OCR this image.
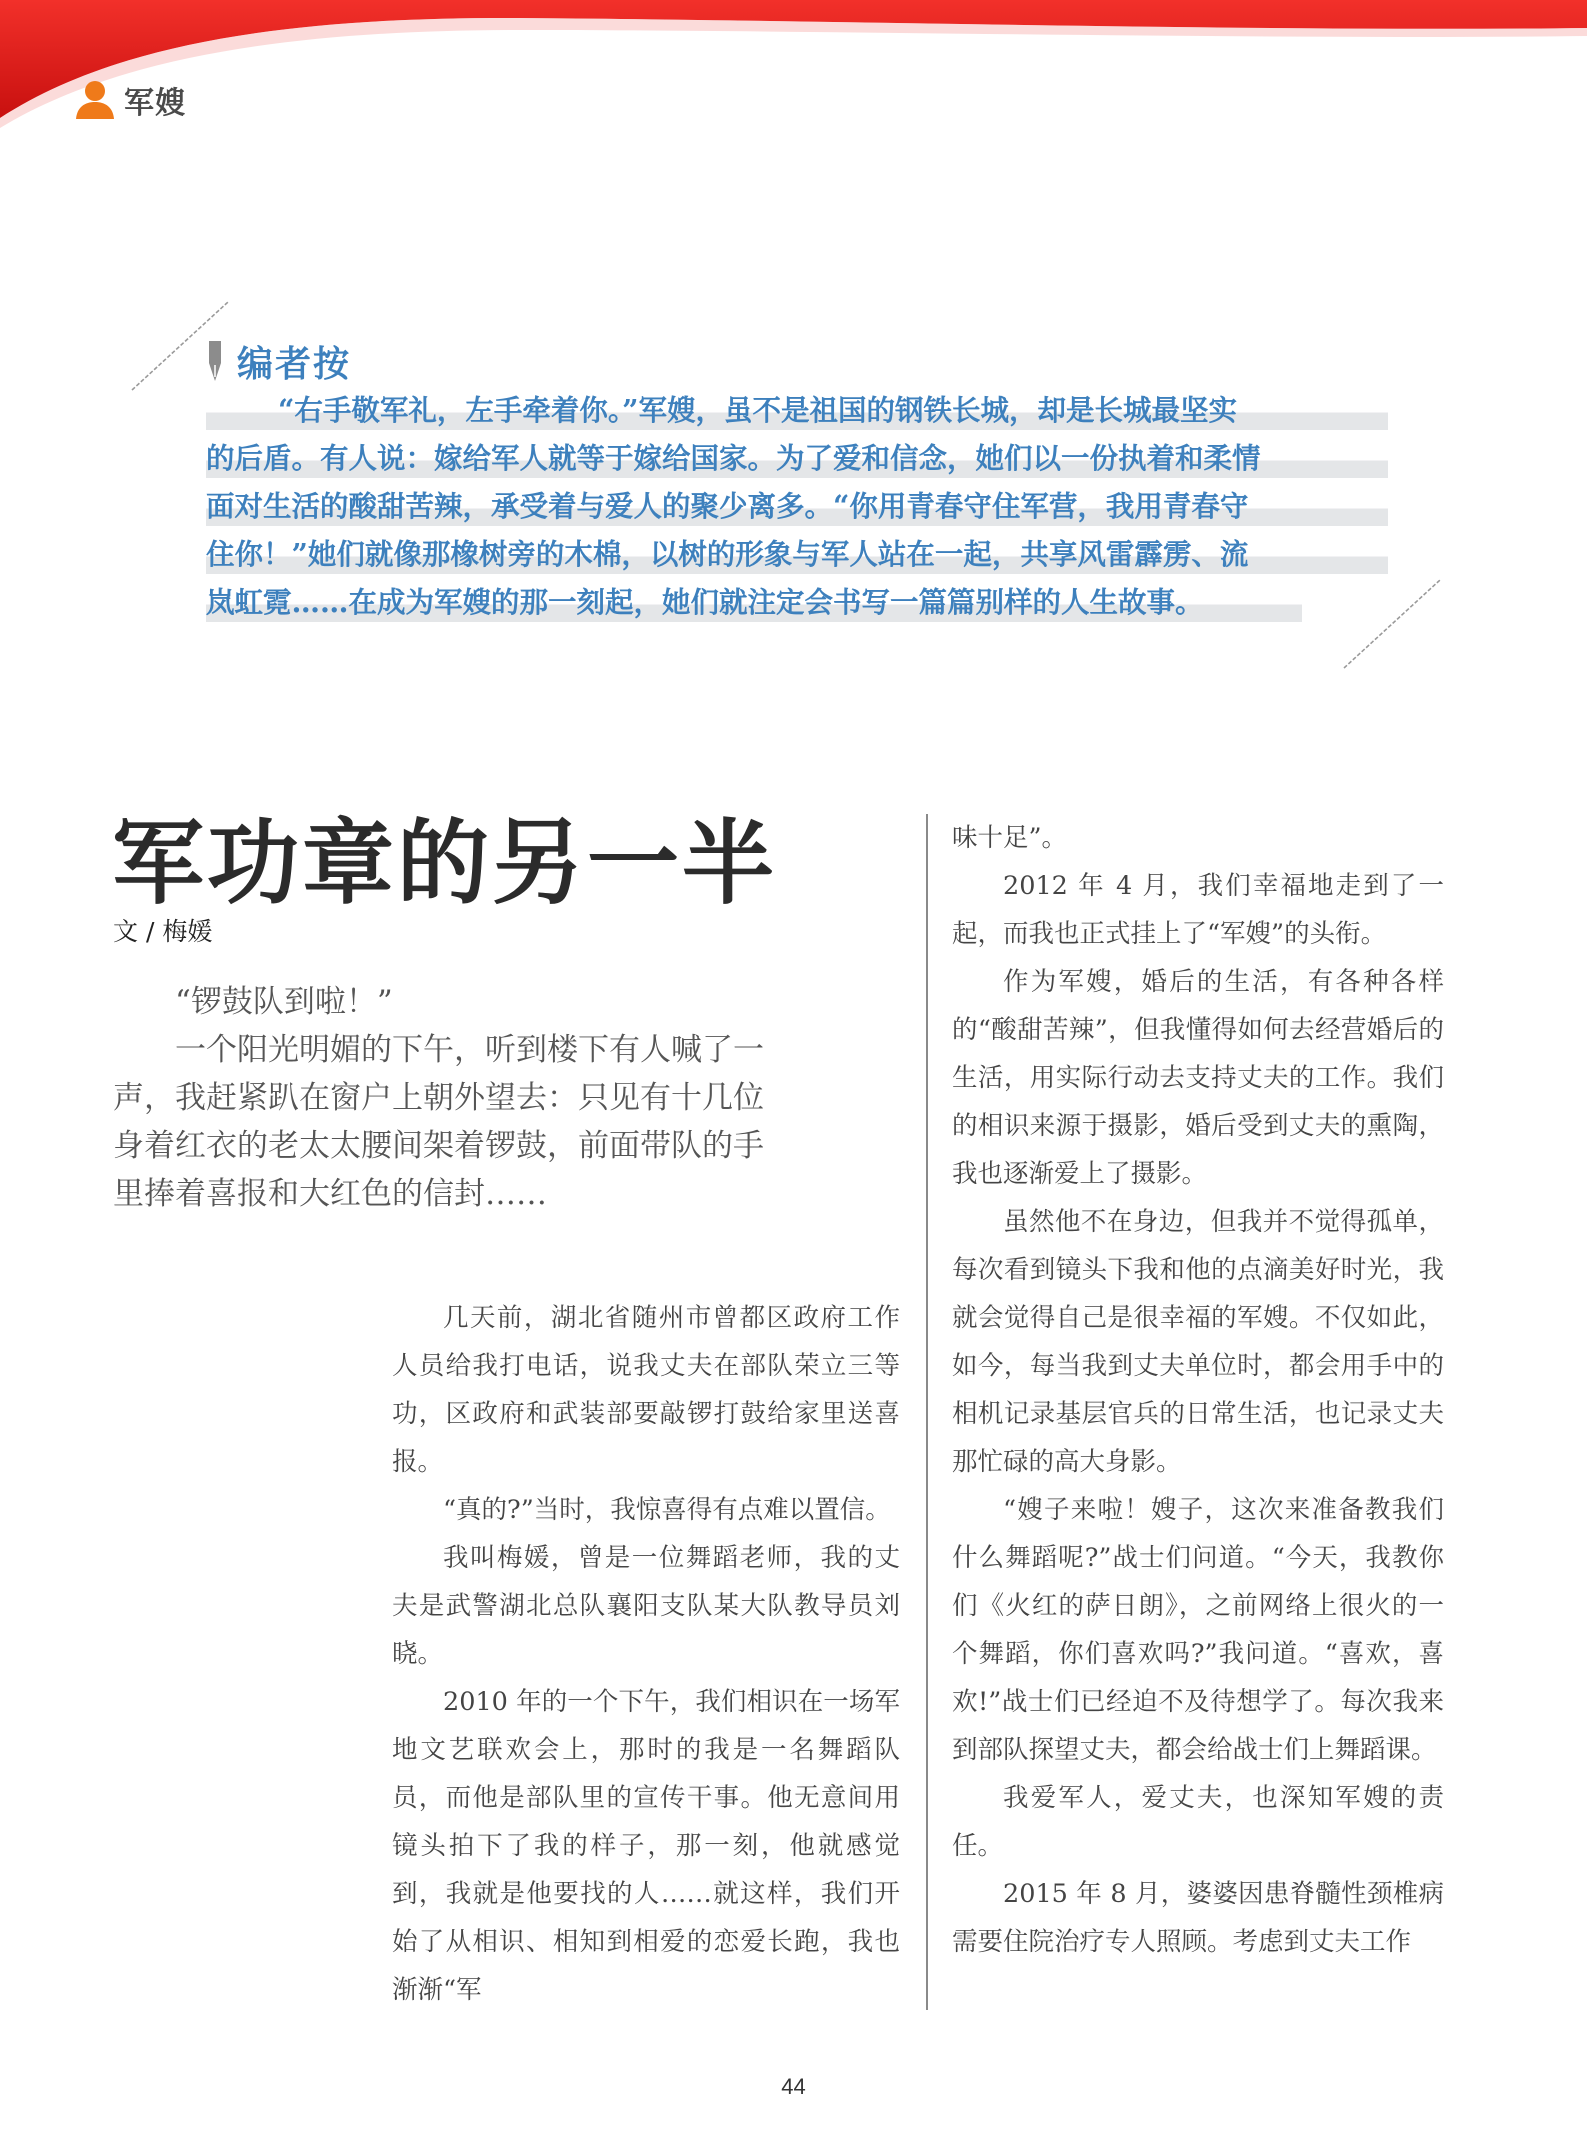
军嫂
编者按
“右手敬军礼，左手牵着你。”军嫂，虽不是祖国的钢铁长城，却是长城最坚实
的后盾。有人说：嫁给军人就等于嫁给国家。为了爱和信念，她们以一份执着和柔情
面对生活的酸甜苦辣，承受着与爱人的聚少离多。“你用青春守住军营，我用青春守
住你！”她们就像那橡树旁的木棉，以树的形象与军人站在一起，共享风雷霹雳、流
岚虹霓……在成为军嫂的那一刻起，她们就注定会书写一篇篇别样的人生故事。
军功章的另一半
文 / 梅媛

“锣鼓队到啦！”

一个阳光明媚的下午，听到楼下有人喊了一声，我赶紧趴在窗户上朝外望去：只见有十几位身着红衣的老太太腰间架着锣鼓，前面带队的手里捧着喜报和大红色的信封……

几天前，湖北省随州市曾都区政府工作人员给我打电话，说我丈夫在部队荣立三等功，区政府和武装部要敲锣打鼓给家里送喜报。

“真的?”当时，我惊喜得有点难以置信。

我叫梅媛，曾是一位舞蹈老师，我的丈夫是武警湖北总队襄阳支队某大队教导员刘晓。

2010 年的一个下午，我们相识在一场军地文艺联欢会上，那时的我是一名舞蹈队员，而他是部队里的宣传干事。他无意间用镜头拍下了我的样子，那一刻，他就感觉到，我就是他要找的人……就这样，我们开始了从相识、相知到相爱的恋爱长跑，我也渐渐“军

味十足”。

2012 年 4 月，我们幸福地走到了一起，而我也正式挂上了“军嫂”的头衔。

作为军嫂，婚后的生活，有各种各样的“酸甜苦辣”，但我懂得如何去经营婚后的生活，用实际行动去支持丈夫的工作。我们的相识来源于摄影，婚后受到丈夫的熏陶，我也逐渐爱上了摄影。

虽然他不在身边，但我并不觉得孤单，每次看到镜头下我和他的点滴美好时光，我就会觉得自己是很幸福的军嫂。不仅如此，如今，每当我到丈夫单位时，都会用手中的相机记录基层官兵的日常生活，也记录丈夫那忙碌的高大身影。

“嫂子来啦！嫂子，这次来准备教我们什么舞蹈呢?”战士们问道。“今天，我教你们《火红的萨日朗》，之前网络上很火的一个舞蹈，你们喜欢吗?”我问道。“喜欢，喜欢!”战士们已经迫不及待想学了。每次我来到部队探望丈夫，都会给战士们上舞蹈课。

我爱军人，爱丈夫，也深知军嫂的责任。

2015 年 8 月，婆婆因患脊髓性颈椎病需要住院治疗专人照顾。考虑到丈夫工作

44
